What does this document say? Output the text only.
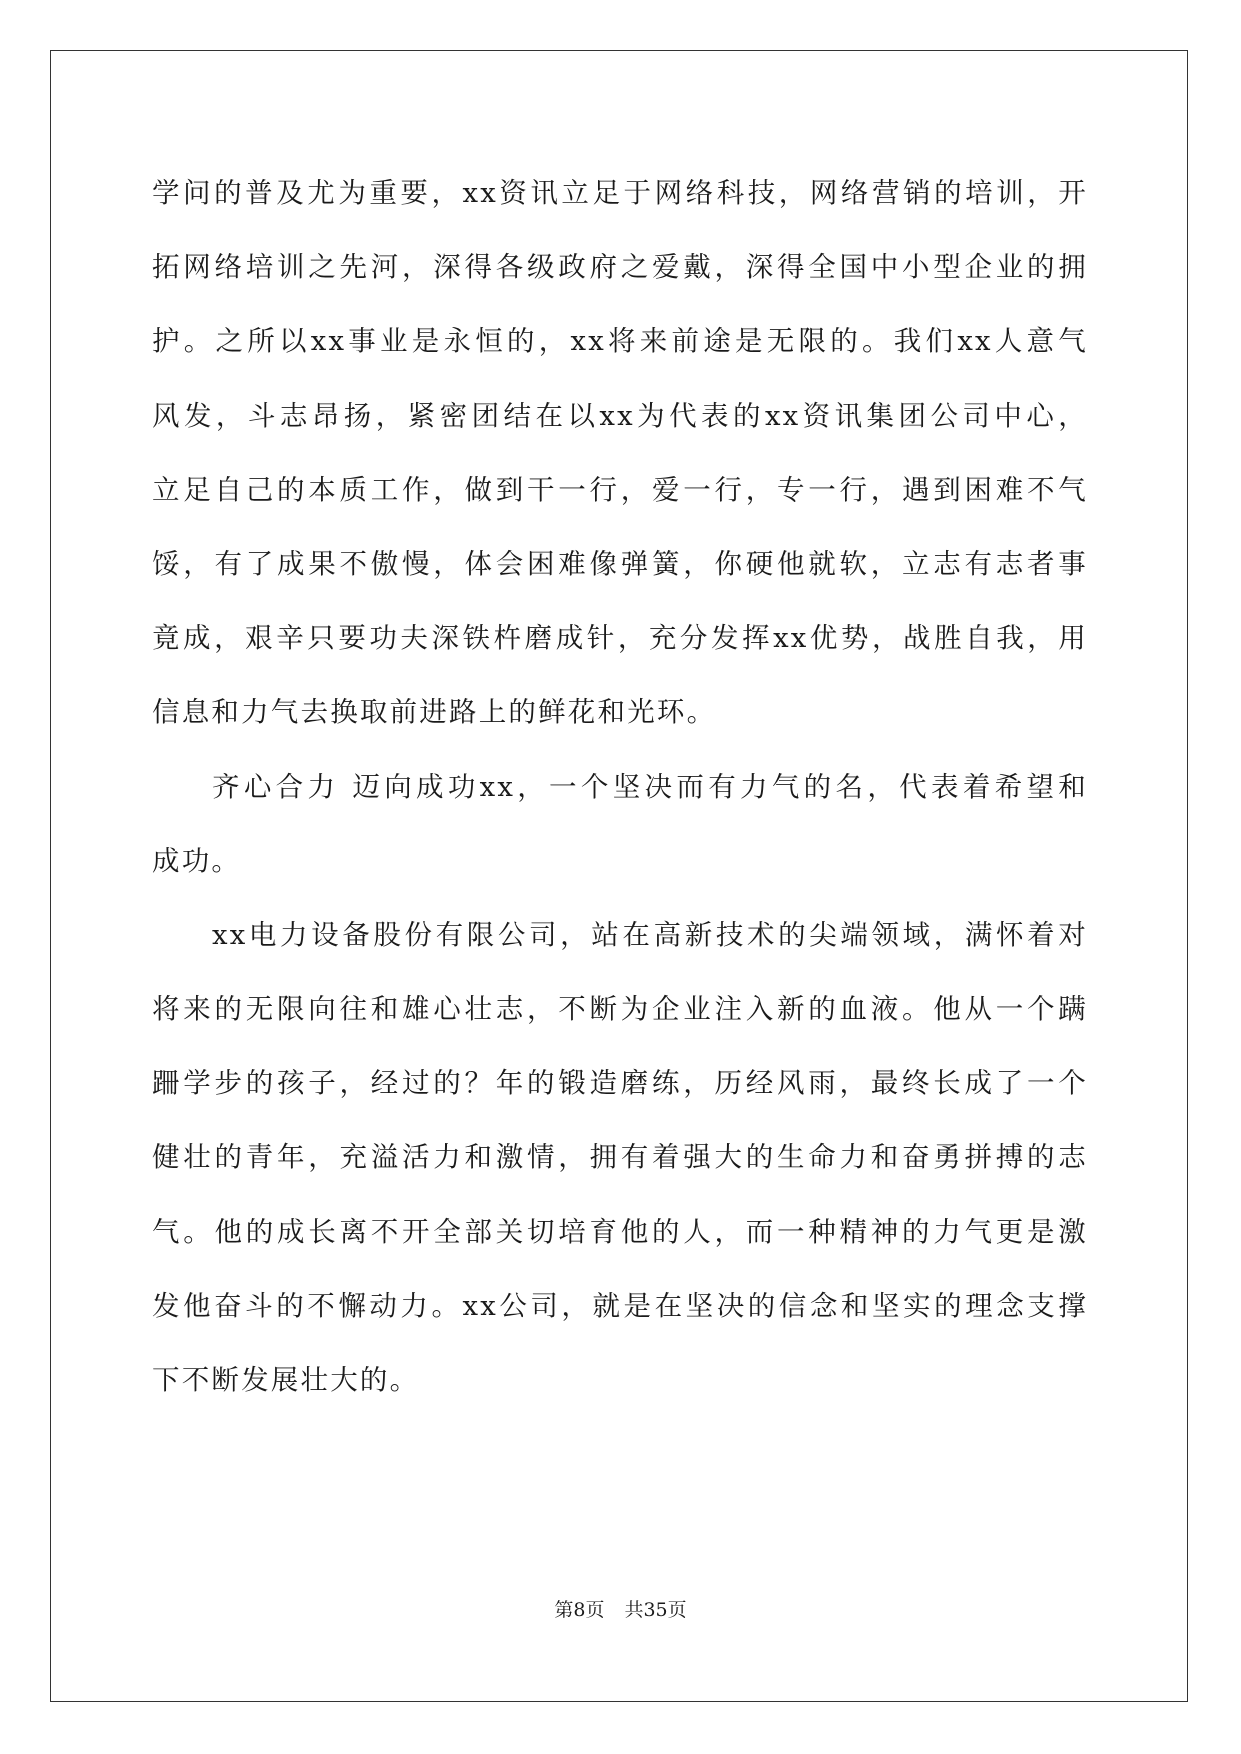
学问的普及尤为重要，xx资讯立足于网络科技，网络营销的培训，开
拓网络培训之先河，深得各级政府之爱戴，深得全国中小型企业的拥
护。之所以xx事业是永恒的，xx将来前途是无限的。我们xx人意气
风发，斗志昂扬，紧密团结在以xx为代表的xx资讯集团公司中心，
立足自己的本质工作，做到干一行，爱一行，专一行，遇到困难不气
馁，有了成果不傲慢，体会困难像弹簧，你硬他就软，立志有志者事
竟成，艰辛只要功夫深铁杵磨成针，充分发挥xx优势，战胜自我，用
信息和力气去换取前进路上的鲜花和光环。
齐心合力 迈向成功xx，一个坚决而有力气的名，代表着希望和
成功。
xx电力设备股份有限公司，站在高新技术的尖端领域，满怀着对
将来的无限向往和雄心壮志，不断为企业注入新的血液。他从一个蹒
跚学步的孩子，经过的？年的锻造磨练，历经风雨，最终长成了一个
健壮的青年，充溢活力和激情，拥有着强大的生命力和奋勇拼搏的志
气。他的成长离不开全部关切培育他的人，而一种精神的力气更是激
发他奋斗的不懈动力。xx公司，就是在坚决的信念和坚实的理念支撑
下不断发展壮大的。
第8页 共35页
